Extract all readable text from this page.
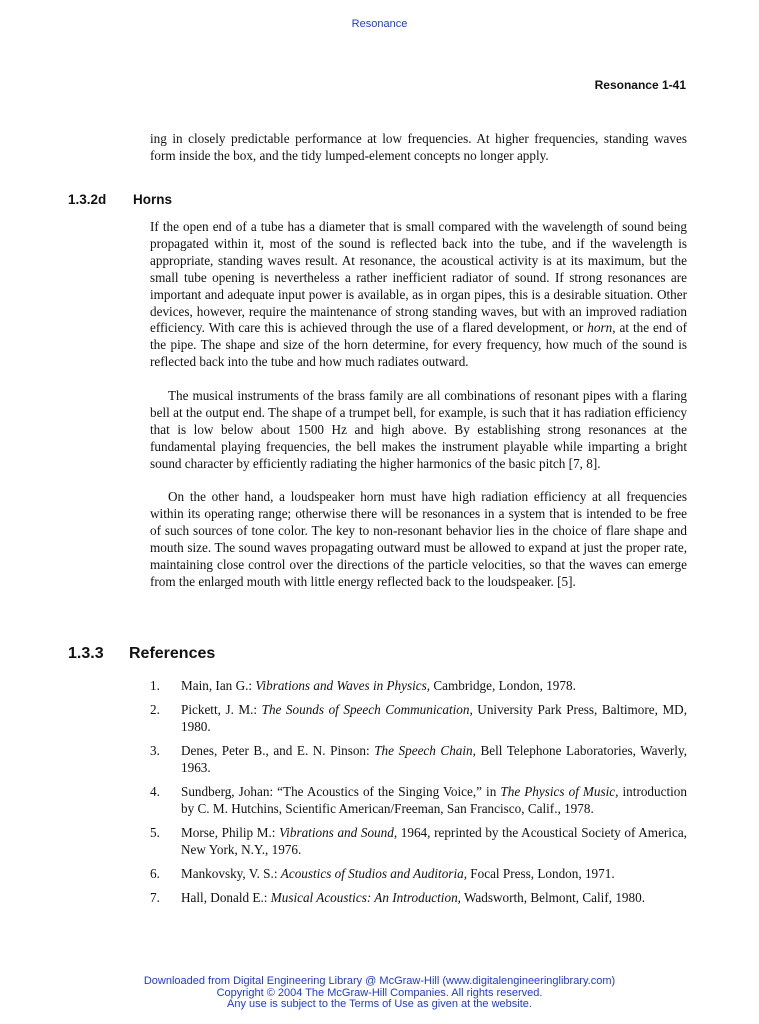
Resonance
Resonance 1-41

ing in closely predictable performance at low frequencies. At higher frequencies, standing waves form inside the box, and the tidy lumped-element concepts no longer apply.

1.3.2d Horns

If the open end of a tube has a diameter that is small compared with the wavelength of sound being propagated within it, most of the sound is reflected back into the tube, and if the wavelength is appropriate, standing waves result. At resonance, the acoustical activity is at its maximum, but the small tube opening is nevertheless a rather inefficient radiator of sound. If strong resonances are important and adequate input power is available, as in organ pipes, this is a desirable situation. Other devices, however, require the maintenance of strong standing waves, but with an improved radiation efficiency. With care this is achieved through the use of a flared development, or horn, at the end of the pipe. The shape and size of the horn determine, for every frequency, how much of the sound is reflected back into the tube and how much radiates outward.

The musical instruments of the brass family are all combinations of resonant pipes with a flaring bell at the output end. The shape of a trumpet bell, for example, is such that it has radiation efficiency that is low below about 1500 Hz and high above. By establishing strong resonances at the fundamental playing frequencies, the bell makes the instrument playable while imparting a bright sound character by efficiently radiating the higher harmonics of the basic pitch [7, 8].

On the other hand, a loudspeaker horn must have high radiation efficiency at all frequencies within its operating range; otherwise there will be resonances in a system that is intended to be free of such sources of tone color. The key to non-resonant behavior lies in the choice of flare shape and mouth size. The sound waves propagating outward must be allowed to expand at just the proper rate, maintaining close control over the directions of the particle velocities, so that the waves can emerge from the enlarged mouth with little energy reflected back to the loudspeaker. [5].

1.3.3 References
1. Main, Ian G.: Vibrations and Waves in Physics, Cambridge, London, 1978.
2. Pickett, J. M.: The Sounds of Speech Communication, University Park Press, Baltimore, MD, 1980.
3. Denes, Peter B., and E. N. Pinson: The Speech Chain, Bell Telephone Laboratories, Waverly, 1963.
4. Sundberg, Johan: “The Acoustics of the Singing Voice,” in The Physics of Music, introduction by C. M. Hutchins, Scientific American/Freeman, San Francisco, Calif., 1978.
5. Morse, Philip M.: Vibrations and Sound, 1964, reprinted by the Acoustical Society of America, New York, N.Y., 1976.
6. Mankovsky, V. S.: Acoustics of Studios and Auditoria, Focal Press, London, 1971.
7. Hall, Donald E.: Musical Acoustics: An Introduction, Wadsworth, Belmont, Calif, 1980.
Downloaded from Digital Engineering Library @ McGraw-Hill (www.digitalengineeringlibrary.com)
Copyright © 2004 The McGraw-Hill Companies. All rights reserved.
Any use is subject to the Terms of Use as given at the website.
